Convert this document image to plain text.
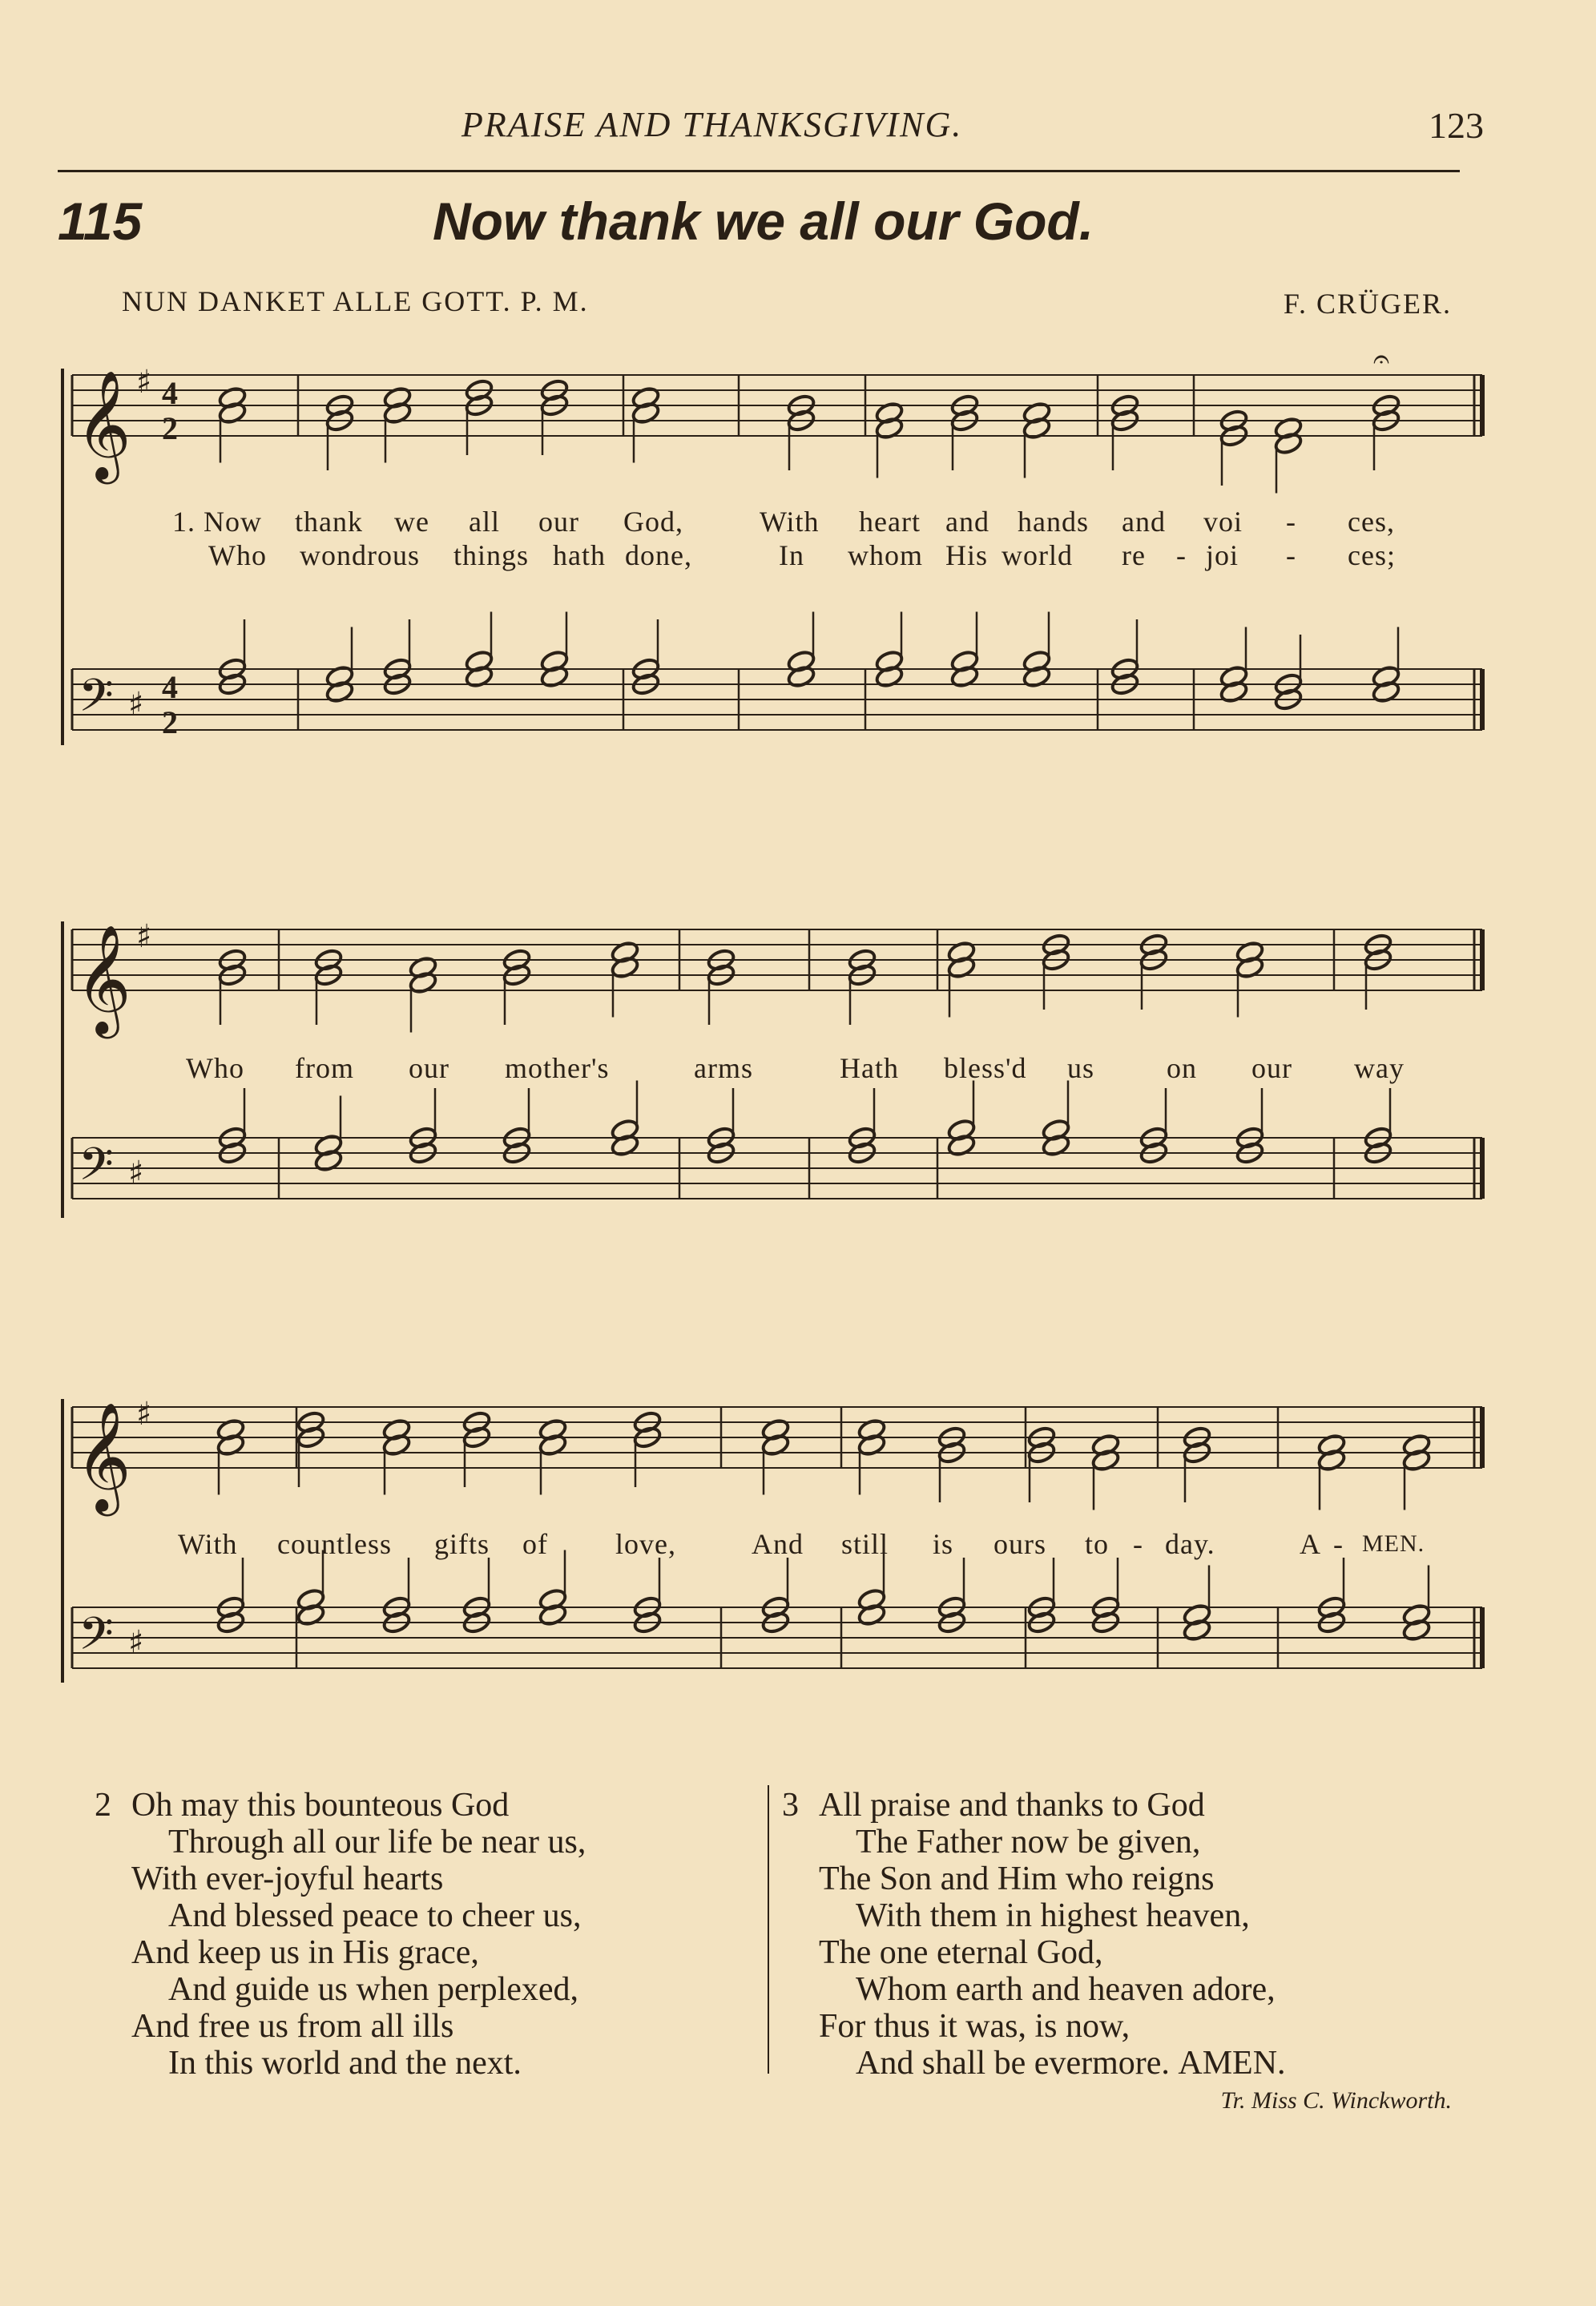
PRAISE AND THANKSGIVING.	123
115	Now thank we all our God.
NUN DANKET ALLE GOTT. P. M.	F. CRÜGER.
𝄞 ♯ 4
2
𝄢 ♯ 4
2
𝄐
𝄞 ♯
𝄢 ♯
𝄞 ♯
𝄢 ♯
1. Now thank we all our God,	With heart and hands and voi - ces,
Who wondrous things hath done,	In whom His world re - joi - ces;
Who from our mother's	arms	Hath bless'd us on our way
With countless gifts of love,	And still is ours to - day.	A - MEN.
2 Oh may this bounteous God
Through all our life be near us,
With ever-joyful hearts
And blessed peace to cheer us,
And keep us in His grace,
And guide us when perplexed,
And free us from all ills
In this world and the next.
3 All praise and thanks to God
The Father now be given,
The Son and Him who reigns
With them in highest heaven,
The one eternal God,
Whom earth and heaven adore,
For thus it was, is now,
And shall be evermore. AMEN.
Tr. Miss C. Winckworth.
